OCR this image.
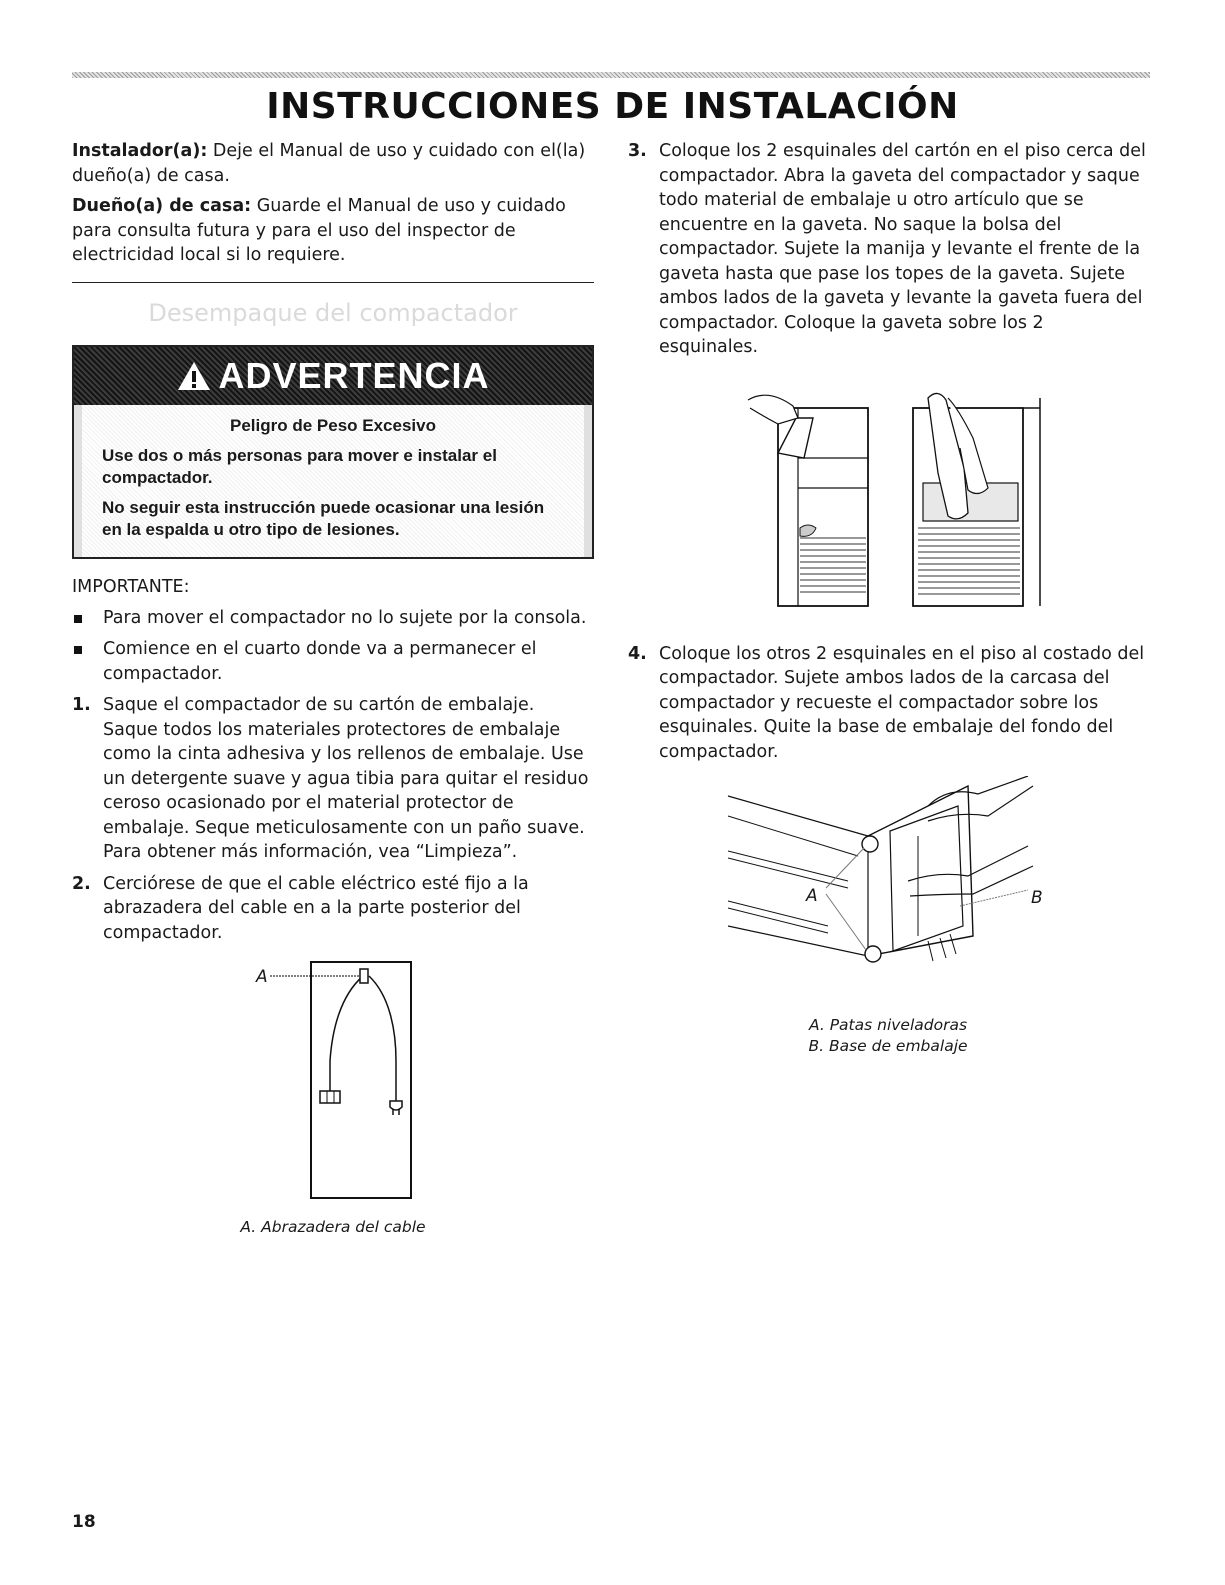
INSTRUCCIONES DE INSTALACIÓN

Instalador(a): Deje el Manual de uso y cuidado con el(la) dueño(a) de casa.

Dueño(a) de casa: Guarde el Manual de uso y cuidado para consulta futura y para el uso del inspector de electricidad local si lo requiere.

Desempaque del compactador
ADVERTENCIA
Peligro de Peso Excesivo

Use dos o más personas para mover e instalar el compactador.

No seguir esta instrucción puede ocasionar una lesión en la espalda u otro tipo de lesiones.

IMPORTANTE:
Para mover el compactador no lo sujete por la consola.
Comience en el cuarto donde va a permanecer el compactador.
1. Saque el compactador de su cartón de embalaje. Saque todos los materiales protectores de embalaje como la cinta adhesiva y los rellenos de embalaje. Use un detergente suave y agua tibia para quitar el residuo ceroso ocasionado por el material protector de embalaje. Seque meticulosamente con un paño suave. Para obtener más información, vea “Limpieza”.
2. Cerciórese de que el cable eléctrico esté fijo a la abrazadera del cable en a la parte posterior del compactador.
A
A. Abrazadera del cable
3. Coloque los 2 esquinales del cartón en el piso cerca del compactador. Abra la gaveta del compactador y saque todo material de embalaje u otro artículo que se encuentre en la gaveta. No saque la bolsa del compactador. Sujete la manija y levante el frente de la gaveta hasta que pase los topes de la gaveta. Sujete ambos lados de la gaveta y levante la gaveta fuera del compactador. Coloque la gaveta sobre los 2 esquinales.
4. Coloque los otros 2 esquinales en el piso al costado del compactador. Sujete ambos lados de la carcasa del compactador y recueste el compactador sobre los esquinales. Quite la base de embalaje del fondo del compactador.
A	B
A. Patas niveladoras
B. Base de embalaje
18
